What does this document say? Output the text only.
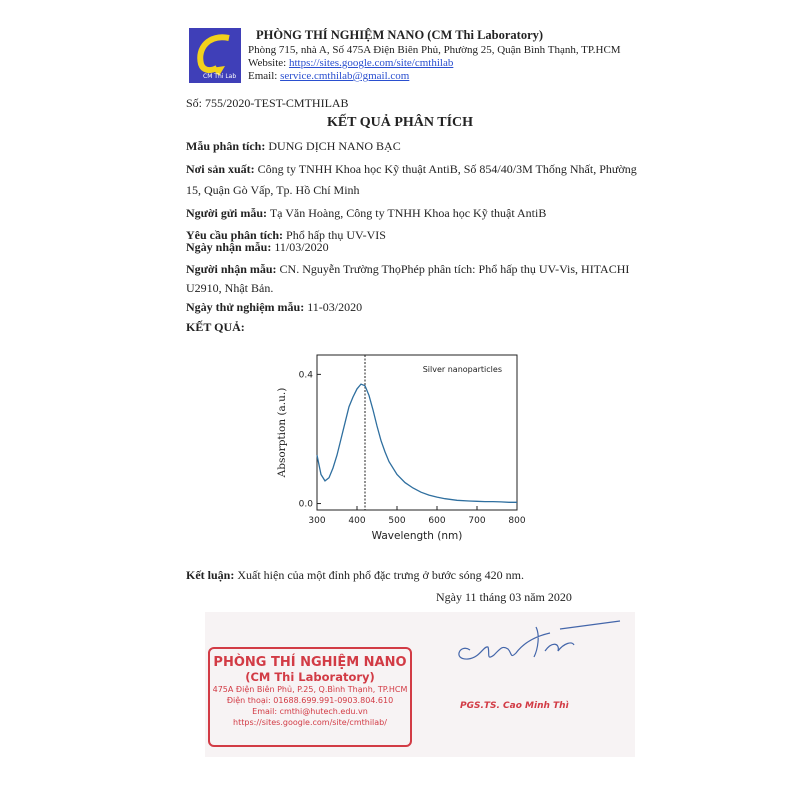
CM Thi Lab
PHÒNG THÍ NGHIỆM NANO (CM Thi Laboratory)
Phòng 715, nhà A, Số 475A Điện Biên Phủ, Phường 25, Quận Bình Thạnh, TP.HCM
Website: https://sites.google.com/site/cmthilab
Email: service.cmthilab@gmail.com
Số: 755/2020-TEST-CMTHILAB
KẾT QUẢ PHÂN TÍCH
Mẫu phân tích: DUNG DỊCH NANO BẠC
Nơi sản xuất: Công ty TNHH Khoa học Kỹ thuật AntiB, Số 854/40/3M Thống Nhất, Phường
15, Quận Gò Vấp, Tp. Hồ Chí Minh
Người gửi mẫu: Tạ Văn Hoàng, Công ty TNHH Khoa học Kỹ thuật AntiB
Yêu cầu phân tích: Phổ hấp thụ UV-VIS
Ngày nhận mẫu: 11/03/2020
Người nhận mẫu: CN. Nguyễn Trường ThọPhép phân tích: Phổ hấp thụ UV-Vis, HITACHI
U2910, Nhật Bản.
Ngày thử nghiệm mẫu: 11-03/2020
KẾT QUẢ:
300	400	500	600	700	800
0.0
0.4
Silver nanoparticles
Wavelength (nm)
Absorption (a.u.)
Kết luận: Xuất hiện của một đỉnh phổ đặc trưng ở bước sóng 420 nm.
Ngày 11 tháng 03 năm 2020
PHÒNG THÍ NGHIỆM NANO
(CM Thi Laboratory)
475A Điện Biên Phủ, P.25, Q.Bình Thạnh, TP.HCM
Điện thoại: 01688.699.991-0903.804.610
Email: cmthi@hutech.edu.vn
https://sites.google.com/site/cmthilab/
PGS.TS. Cao Minh Thì
